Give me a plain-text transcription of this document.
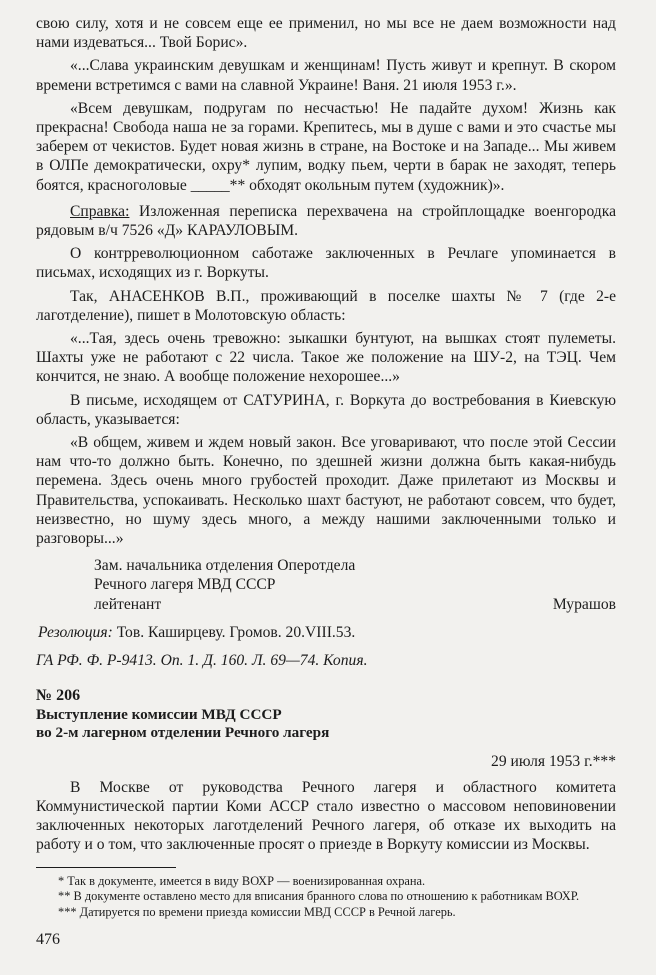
свою силу, хотя и не совсем еще ее применил, но мы все не даем возможности над нами издеваться... Твой Борис».

«...Слава украинским девушкам и женщинам! Пусть живут и крепнут. В скором времени встретимся с вами на славной Украине! Ваня. 21 июля 1953 г.».

«Всем девушкам, подругам по несчастью! Не падайте духом! Жизнь как прекрасна! Свобода наша не за горами. Крепитесь, мы в душе с вами и это счастье мы заберем от чекистов. Будет новая жизнь в стране, на Востоке и на Западе... Мы живем в ОЛПе демократически, охру* лупим, водку пьем, черти в барак не заходят, теперь боятся, красноголовые _____** обходят окольным путем (художник)».

Справка: Изложенная переписка перехвачена на стройплощадке военгородка рядовым в/ч 7526 «Д» КАРАУЛОВЫМ.

О контрреволюционном саботаже заключенных в Речлаге упоминается в письмах, исходящих из г. Воркуты.

Так, АНАСЕНКОВ В.П., проживающий в поселке шахты № 7 (где 2-е лаготделение), пишет в Молотовскую область:

«...Тая, здесь очень тревожно: зыкашки бунтуют, на вышках стоят пулеметы. Шахты уже не работают с 22 числа. Такое же положение на ШУ-2, на ТЭЦ. Чем кончится, не знаю. А вообще положение нехорошее...»

В письме, исходящем от САТУРИНА, г. Воркута до востребования в Киевскую область, указывается:

«В общем, живем и ждем новый закон. Все уговаривают, что после этой Сессии нам что-то должно быть. Конечно, по здешней жизни должна быть какая-нибудь перемена. Здесь очень много грубостей проходит. Даже прилетают из Москвы и Правительства, успокаивать. Несколько шахт бастуют, не работают совсем, что будет, неизвестно, но шуму здесь много, а между нашими заключенными только и разговоры...»

Зам. начальника отделения Оперотдела
Речного лагеря МВД СССР
лейтенант	Мурашов

Резолюция: Тов. Каширцеву. Громов. 20.VIII.53.

ГА РФ. Ф. Р-9413. Оп. 1. Д. 160. Л. 69—74. Копия.

№ 206

Выступление комиссии МВД СССР

во 2-м лагерном отделении Речного лагеря

29 июля 1953 г.***

В Москве от руководства Речного лагеря и областного комитета Коммунистической партии Коми АССР стало известно о массовом неповиновении заключенных некоторых лаготделений Речного лагеря, об отказе их выходить на работу и о том, что заключенные просят о приезде в Воркуту комиссии из Москвы.

* Так в документе, имеется в виду ВОХР — военизированная охрана.

** В документе оставлено место для вписания бранного слова по отношению к работникам ВОХР.

*** Датируется по времени приезда комиссии МВД СССР в Речной лагерь.

476
